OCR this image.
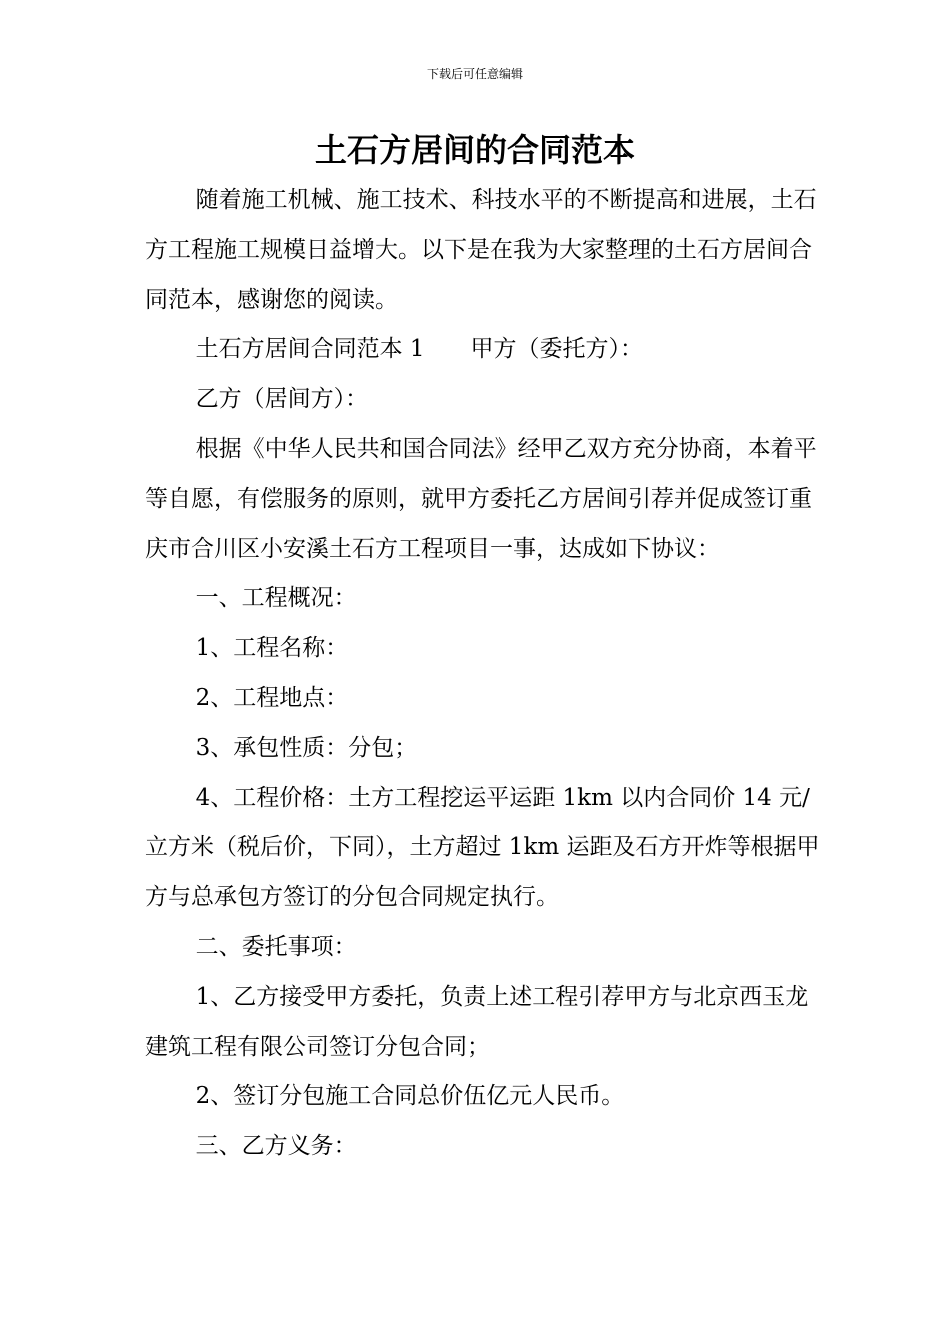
下载后可任意编辑
土石方居间的合同范本

随着施工机械、施工技术、科技水平的不断提高和进展，土石方工程施工规模日益增大。以下是在我为大家整理的土石方居间合同范本，感谢您的阅读。

土石方居间合同范本 1　　甲方（委托方）：

乙方（居间方）：

根据《中华人民共和国合同法》经甲乙双方充分协商，本着平等自愿，有偿服务的原则，就甲方委托乙方居间引荐并促成签订重庆市合川区小安溪土石方工程项目一事，达成如下协议：

一、工程概况：

1、工程名称：

2、工程地点：

3、承包性质：分包；

4、工程价格：土方工程挖运平运距 1km 以内合同价 14 元/立方米（税后价，下同），土方超过 1km 运距及石方开炸等根据甲方与总承包方签订的分包合同规定执行。

二、委托事项：

1、乙方接受甲方委托，负责上述工程引荐甲方与北京西玉龙建筑工程有限公司签订分包合同；

2、签订分包施工合同总价伍亿元人民币。

三、乙方义务：
